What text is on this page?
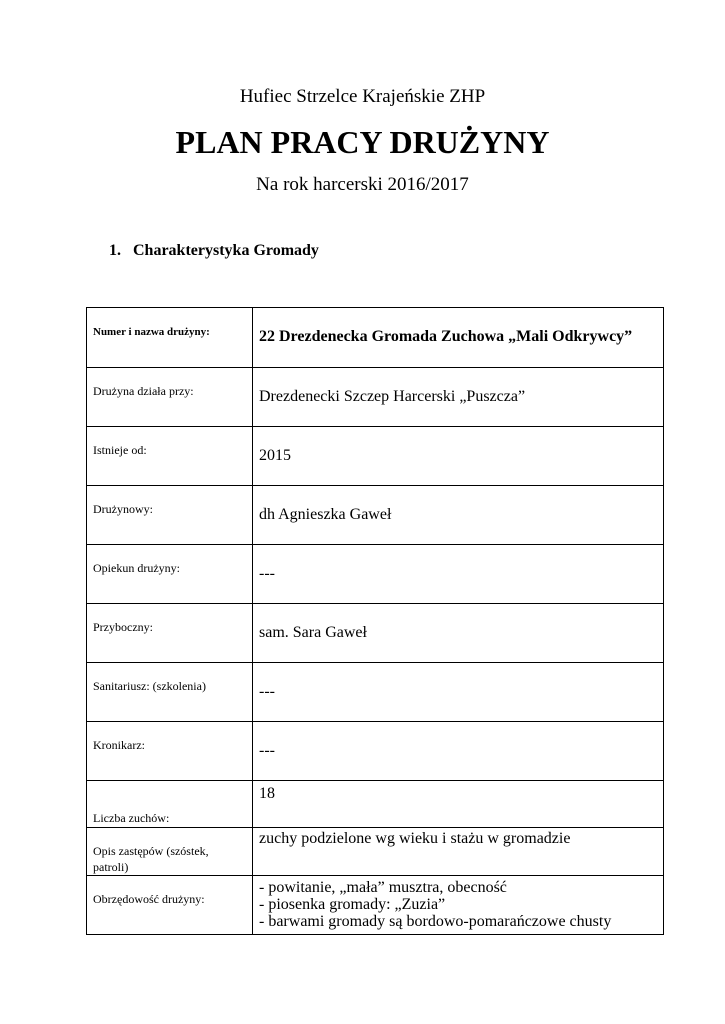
Hufiec Strzelce Krajeńskie ZHP
PLAN PRACY DRUŻYNY
Na rok harcerski 2016/2017
1. Charakterystyka Gromady
Numer i nazwa drużyny:	22 Drezdenecka Gromada Zuchowa „Mali Odkrywcy”

Drużyna działa przy:	Drezdenecki Szczep Harcerski „Puszcza”

Istnieje od:	2015

Drużynowy:	dh Agnieszka Gaweł

Opiekun drużyny:	---

Przyboczny:	sam. Sara Gaweł

Sanitariusz: (szkolenia)	---

Kronikarz:	---

Liczba zuchów:	18

Opis zastępów (szóstek, patroli)	zuchy podzielone wg wieku i stażu w gromadzie

Obrzędowość drużyny:	- powitanie, „mała” musztra, obecność
- piosenka gromady: „Zuzia”
- barwami gromady są bordowo-pomarańczowe chusty
